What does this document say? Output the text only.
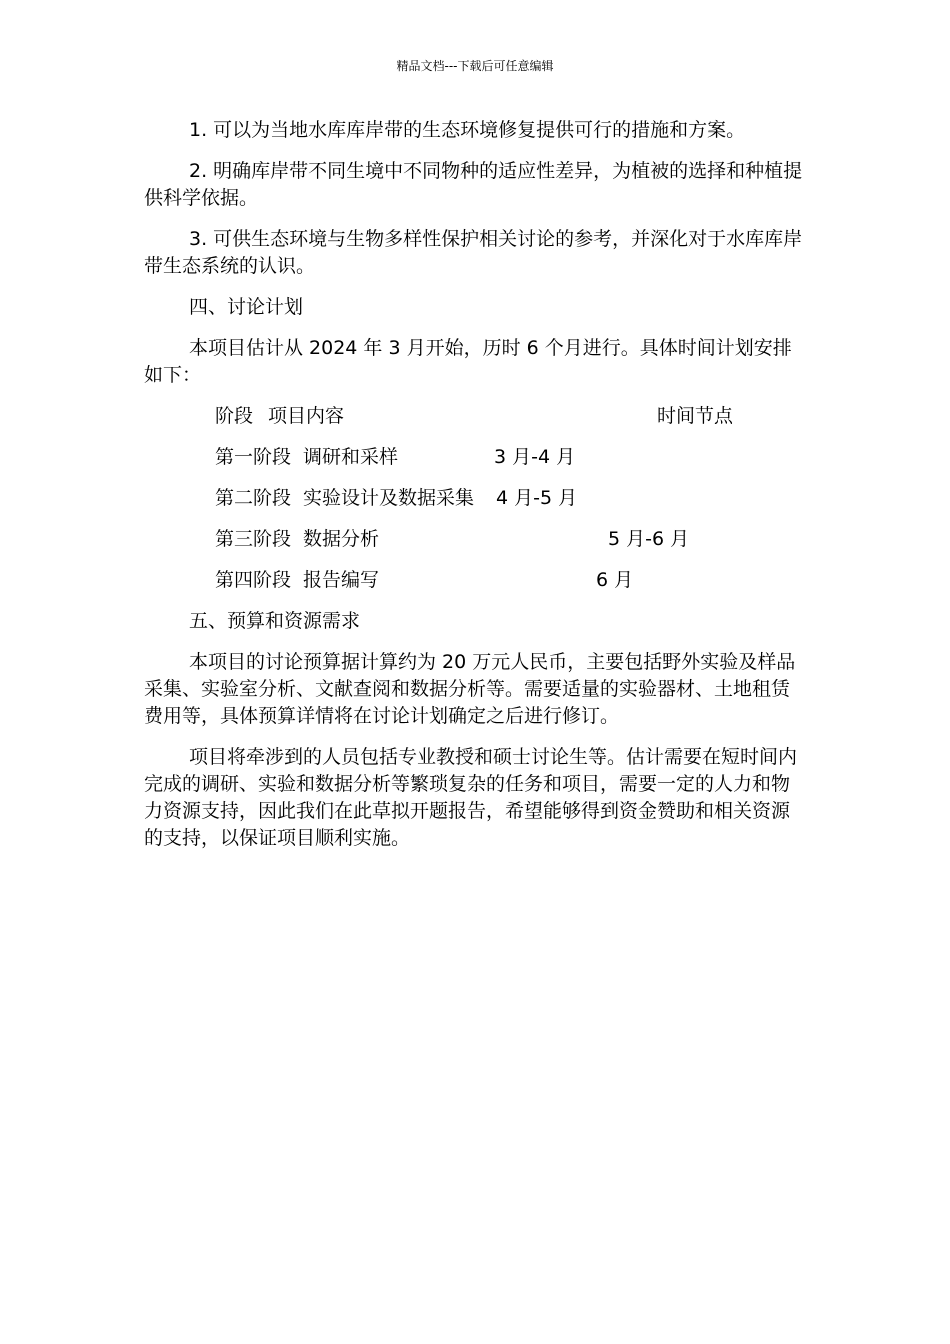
精品文档---下载后可任意编辑

1. 可以为当地水库库岸带的生态环境修复提供可行的措施和方案。

2. 明确库岸带不同生境中不同物种的适应性差异，为植被的选择和种植提供科学依据。

3. 可供生态环境与生物多样性保护相关讨论的参考，并深化对于水库库岸带生态系统的认识。

四、讨论计划

本项目估计从 2024 年 3 月开始，历时 6 个月进行。具体时间计划安排如下：

阶段 项目内容	时间节点
第一阶段 调研和采样	3 月-4 月
第二阶段 实验设计及数据采集 4 月-5 月
第三阶段 数据分析	5 月-6 月
第四阶段 报告编写	6 月

五、预算和资源需求

本项目的讨论预算据计算约为 20 万元人民币，主要包括野外实验及样品采集、实验室分析、文献查阅和数据分析等。需要适量的实验器材、土地租赁费用等，具体预算详情将在讨论计划确定之后进行修订。

项目将牵涉到的人员包括专业教授和硕士讨论生等。估计需要在短时间内完成的调研、实验和数据分析等繁琐复杂的任务和项目，需要一定的人力和物力资源支持，因此我们在此草拟开题报告，希望能够得到资金赞助和相关资源的支持，以保证项目顺利实施。
